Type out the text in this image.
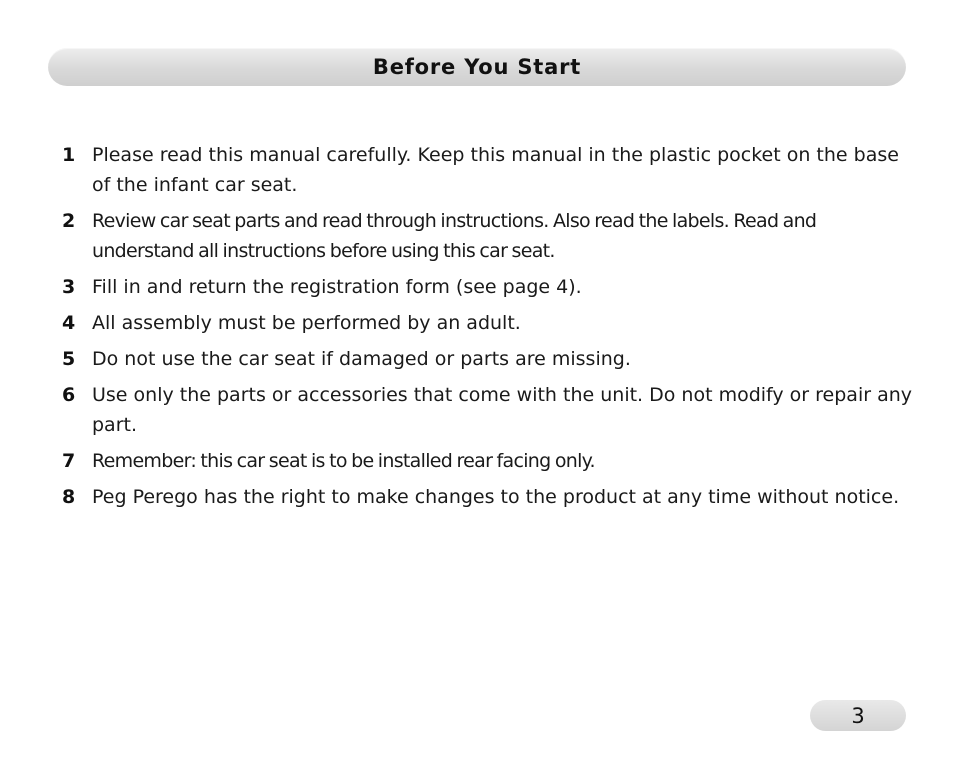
Before You Start
1 Please read this manual carefully. Keep this manual in the plastic pocket on the base of the infant car seat.
2 Review car seat parts and read through instructions. Also read the labels. Read and understand all instructions before using this car seat.
3 Fill in and return the registration form (see page 4).
4 All assembly must be performed by an adult.
5 Do not use the car seat if damaged or parts are missing.
6 Use only the parts or accessories that come with the unit. Do not modify or repair any part.
7 Remember: this car seat is to be installed rear facing only.
8 Peg Perego has the right to make changes to the product at any time without notice.
3
